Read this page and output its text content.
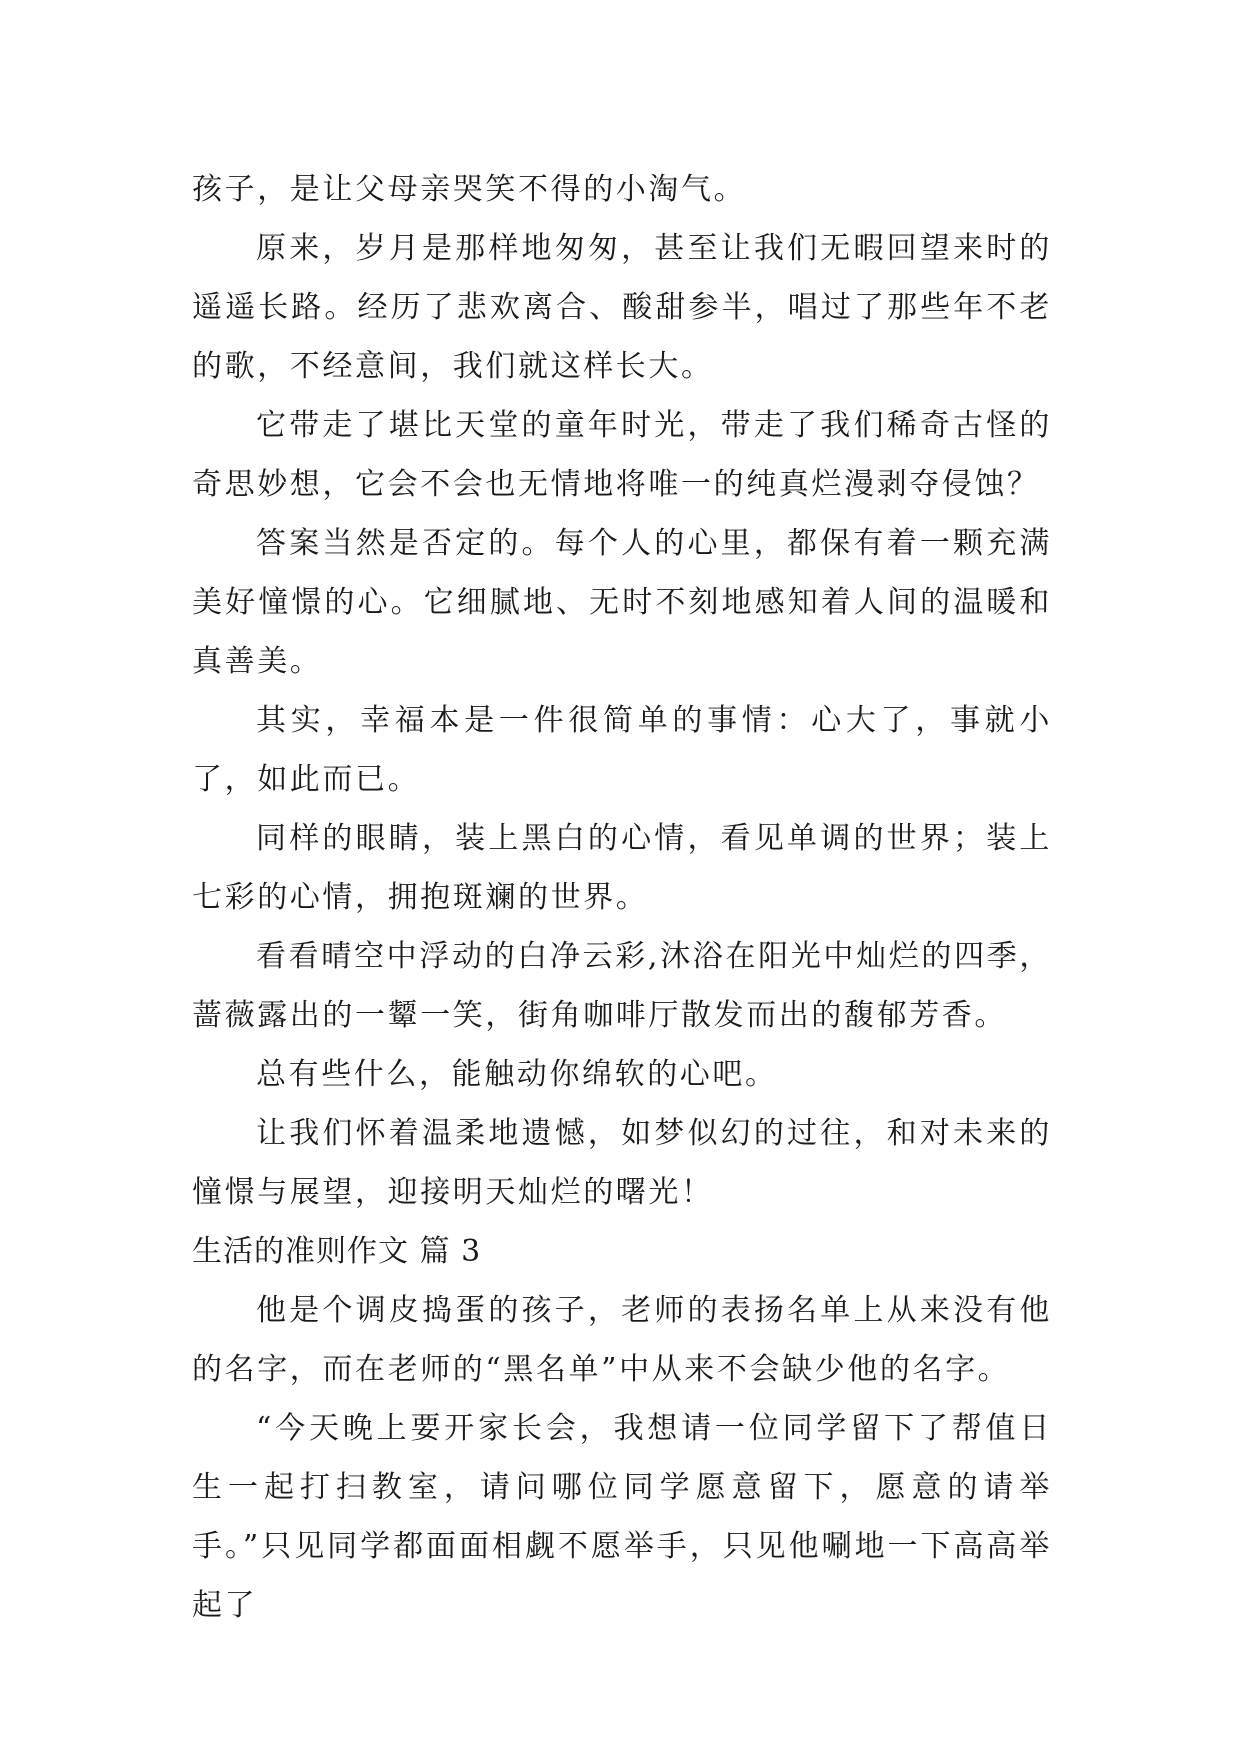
孩子，是让父母亲哭笑不得的小淘气。

原来，岁月是那样地匆匆，甚至让我们无暇回望来时的遥遥长路。经历了悲欢离合、酸甜参半，唱过了那些年不老的歌，不经意间，我们就这样长大。

它带走了堪比天堂的童年时光，带走了我们稀奇古怪的奇思妙想，它会不会也无情地将唯一的纯真烂漫剥夺侵蚀？

答案当然是否定的。每个人的心里，都保有着一颗充满美好憧憬的心。它细腻地、无时不刻地感知着人间的温暖和真善美。

其实，幸福本是一件很简单的事情：心大了，事就小了，如此而已。

同样的眼睛，装上黑白的心情，看见单调的世界；装上七彩的心情，拥抱斑斓的世界。

看看晴空中浮动的白净云彩,沐浴在阳光中灿烂的四季，蔷薇露出的一颦一笑，街角咖啡厅散发而出的馥郁芳香。

总有些什么，能触动你绵软的心吧。

让我们怀着温柔地遗憾，如梦似幻的过往，和对未来的憧憬与展望，迎接明天灿烂的曙光！

生活的准则作文 篇 3

他是个调皮捣蛋的孩子，老师的表扬名单上从来没有他的名字，而在老师的“黑名单”中从来不会缺少他的名字。

“今天晚上要开家长会，我想请一位同学留下了帮值日生一起打扫教室，请问哪位同学愿意留下，愿意的请举手。”只见同学都面面相觑不愿举手，只见他唰地一下高高举起了
